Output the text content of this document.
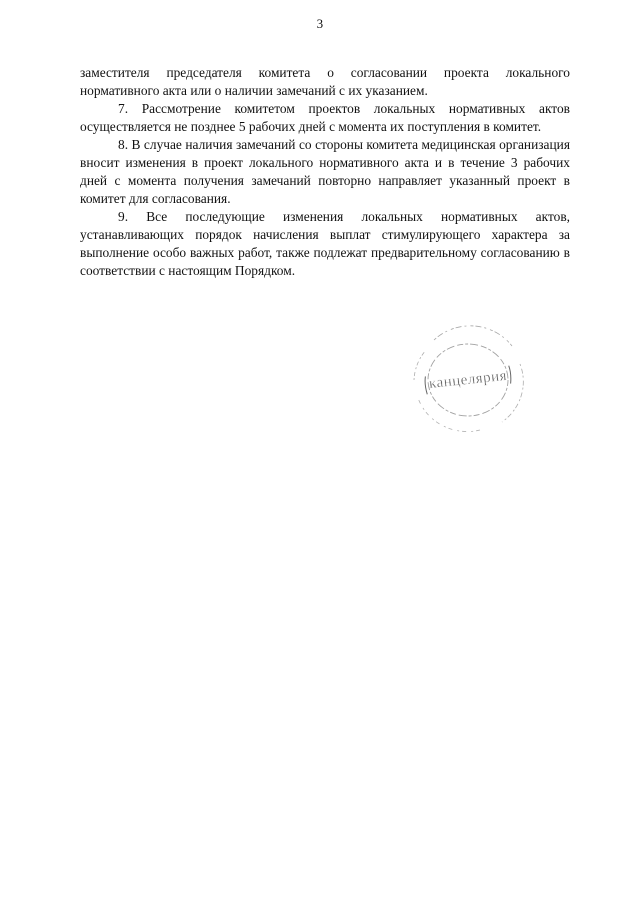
3

заместителя председателя комитета о согласовании проекта локального нормативного акта или о наличии замечаний с их указанием.

7. Рассмотрение комитетом проектов локальных нормативных актов осуществляется не позднее 5 рабочих дней с момента их поступления в комитет.

8. В случае наличия замечаний со стороны комитета медицинская организация вносит изменения в проект локального нормативного акта и в течение 3 рабочих дней с момента получения замечаний повторно направляет указанный проект в комитет для согласования.

9. Все последующие изменения локальных нормативных актов, устанавливающих порядок начисления выплат стимулирующего характера за выполнение особо важных работ, также подлежат предварительному согласованию в соответствии с настоящим Порядком.

канцелярия
